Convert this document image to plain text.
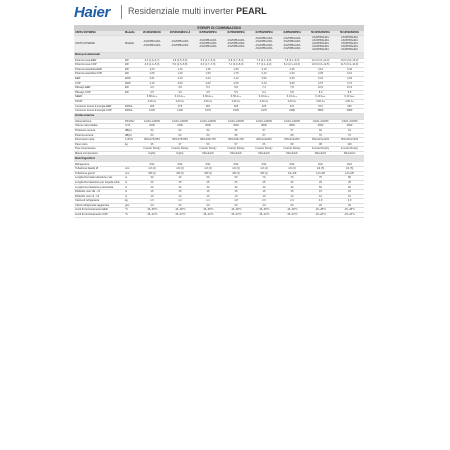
Haier Residenziale multi inverter PEARL
ESEMPI DI COMBINAZIONI									
UNITÀ ESTERNA	Modello	2U40S2SM1FA	2U50S2SM1FA-3	3U55S2SR5FA	3U70S2SR5FA	4U75S2SR5FA	4U85S2SR5FA	5U105S2SS5FA	5U125S2SS5FA
UNITÀ INTERNE	Modello	AS20PBAHRA AS20PBAHRA	AS25PBAHRA AS25PBAHRA	AS20PBAHRA AS20PBAHRA AS20PBAHRA	AS25PBAHRA AS25PBAHRA AS25PBAHRA	AS20PBAHRA AS20PBAHRA AS20PBAHRA AS20PBAHRA	AS25PBAHRA AS25PBAHRA AS25PBAHRA AS25PBAHRA	AS20PBAHRA AS20PBAHRA AS20PBAHRA AS20PBAHRA AS20PBAHRA	AS25PBAHRA AS25PBAHRA AS25PBAHRA AS25PBAHRA AS25PBAHRA
Dati prestazionali									
Potenza resa EER	kW	4,0 (1,6~4,7)	4,8 (1,5~5,6)	5,3 (1,7~6,3)	6,8 (1,7~8,4)	7,4 (2,1~9,0)	7,8 (2,1~9,0)	10,0 (2,5~12,0)	10,9 (2,8~13,0)
Potenza resa COP	kW	4,3 (1,4~5,3)	5,0 (1,5~5,8)	6,0 (1,7~7,0)	7,1 (2,0~8,3)	7,7 (2,1~9,2)	8,2 (2,1~10,0)	10,9 (3,0~12,5)	11,5 (3,3~13,0)
Potenza assorbita EER	kW	1,00	1,10	1,25	1,65	2,10	2,25	3,10	3,40
Potenza assorbita COP	kW	1,05	1,20	1,50	1,75	2,10	2,30	3,05	3,10
EER	W/W	3,61	4,10	4,24	4,12	3,52	3,46	3,22	3,20
COP	W/W	4,10	3,60	4,00	4,05	3,70	3,56	3,57	3,70
Pdesign EER	kW	4,0	4,8	5,3	6,8	7,4	7,8	10,0	10,9
Pdesign COP	kW	3,5	4,0	4,5	5,5	6,2	6,8	8,0	8,8
SEER		6,80 A++	6,10 A++	6,60 A++	6,50 A++	6,10 A++	6,10 A++	6,10 A++	6,10 A++
SCOP		4,00 A+	4,00 A+	4,00 A+	4,00 A+	4,00 A+	4,00 A+	4,00 A+	4,00 A+
Consumo annuo d'energia EER	kWh/a	206	275	281	366	425	447	574	625
Consumo annuo d'energia COP	kWh/a	1225	1400	1575	1925	2170	2380	2800	3080
Unità esterna									
Alimentazione	Ph/V/Hz	1/220~240/50	1/220~240/50	1/220~240/50	1/220~240/50	1/220~240/50	1/220~240/50	1/220~240/50	1/220~240/50
Volume aria trattata	m³/h	2200	2300	3000	3000	3800	3800	4000	4000
Pressione sonora	dB(A)	53	54	54	56	57	57	60	61
Potenza sonora	dB(A)	63	64	64	66	67	68	70	72
Dimensioni nette	L×P×H	800x275x553	800x275x553	890x346x700	890x346x700	946x410x810	946x410x810	952x415x1333	952x415x1333
Peso netto	kg	36	37	50	57	66	68	98	100
Tipo compressore		Inverter Rotary	Inverter Rotary	Inverter Rotary	Inverter Rotary	Inverter Rotary	Inverter Rotary	Inverter Rotary	Inverter Rotary
Marca compressore		Highly	Highly	Mitsubishi	Mitsubishi	Mitsubishi	Mitsubishi	Mitsubishi	Mitsubishi
Dati frigoriferi									
Refrigerante		R32	R32	R32	R32	R32	R32	R32	R32
Tubazione liquido Ø	mm	1/4 (2)	1/4 (2)	1/4 (3)	1/4 (3)	1/4 (4)	1/4 (4)	1/4 (5)	1/4 (5)
Tubazione gas Ø	mm	3/8 (2)	3/8 (2)	3/8 (3)	3/8 (3)	3/8 (4)	1/2+3/8	1/2+3/8	1/2+3/8
Lunghezza totale tubazione max	m	30	40	60	60	70	70	75	80
Lunghezza tubazione per singola unità	m	20	25	25	25	25	25	25	25
Lunghezza tubazione precaricata	m	20	20	30	30	40	40	50	50
Dislivello max UE - UI	m	15	15	15	15	15	15	15	15
Dislivello max UI - UI	m	10	10	10	10	10	10	10	10
Carica di refrigerante	kg	1,0	1,2	1,4	1,8	2,0	2,3	2,9	3,0
Carica refrigerante aggiuntiva	g/m	20	20	20	20	20	20	20	20
Limiti di funzionamento EER	°C	-15~48°C	-15~48°C	-15~48°C	-15~48°C	-15~48°C	-15~48°C	-15~48°C	-15~48°C
Limiti di funzionamento COP	°C	-15~24°C	-15~24°C	-15~24°C	-15~24°C	-15~24°C	-15~24°C	-15~24°C	-15~24°C
